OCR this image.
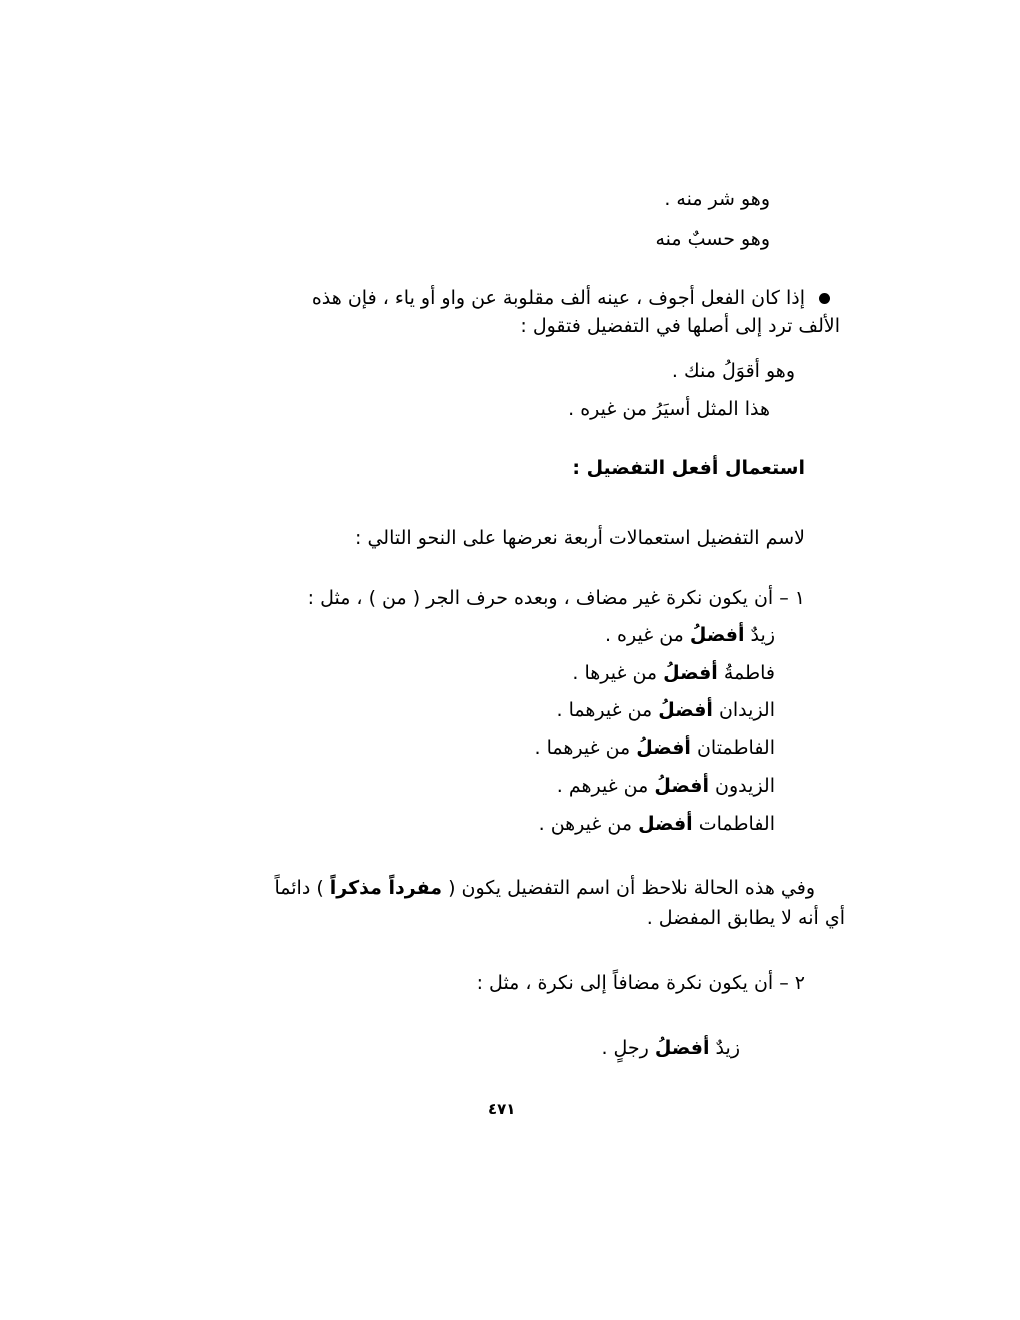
وهو شر منه .
وهو حسبٌ منه
إذا كان الفعل أجوف ، عينه ألف مقلوبة عن واو أو ياء ، فإن هذه
الألف ترد إلى أصلها في التفضيل فتقول :
وهو أقوَلُ منك .
هذا المثل أسيَرُ من غيره .
استعمال أفعل التفضيل :
لاسم التفضيل استعمالات أربعة نعرضها على النحو التالي :
١ – أن يكون نكرة غير مضاف ، وبعده حرف الجر ( من ) ، مثل :
زيدٌ أفضلُ من غيره .
فاطمةُ أفضلُ من غيرها .
الزيدان أفضلُ من غيرهما .
الفاطمتان أفضلُ من غيرهما .
الزيدون أفضلُ من غيرهم .
الفاطمات أفضل من غيرهن .
وفي هذه الحالة نلاحظ أن اسم التفضيل يكون ( مفرداً مذكراً ) دائماً
أي أنه لا يطابق المفضل .
٢ – أن يكون نكرة مضافاً إلى نكرة ، مثل :
زيدٌ أفضلُ رجلٍ .
٤٧١
